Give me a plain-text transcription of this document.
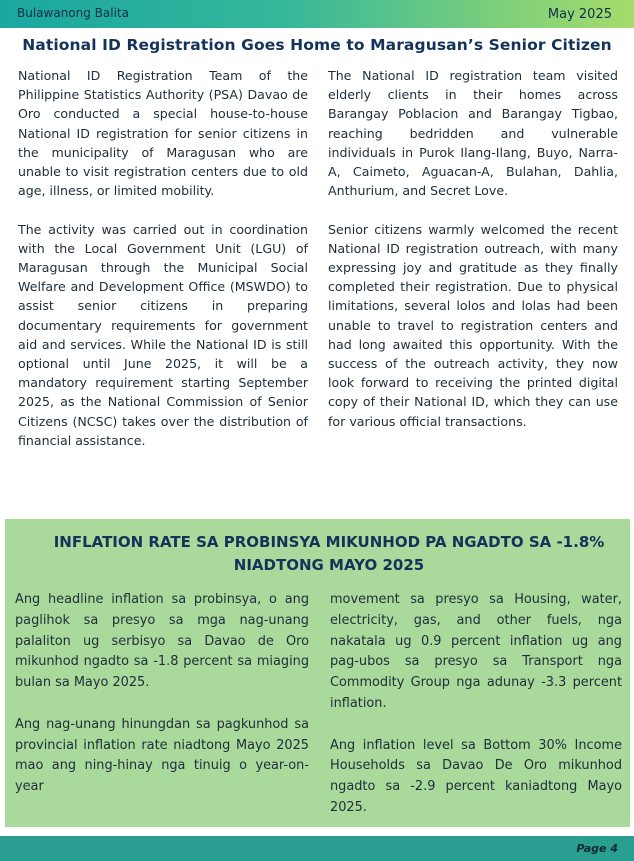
Bulawanong Balita	May 2025
National ID Registration Goes Home to Maragusan’s Senior Citizen

National ID Registration Team of the Philippine Statistics Authority (PSA) Davao de Oro conducted a special house-to-house National ID registration for senior citizens in the municipality of Maragusan who are unable to visit registration centers due to old age, illness, or limited mobility.

The activity was carried out in coordination with the Local Government Unit (LGU) of Maragusan through the Municipal Social Welfare and Development Office (MSWDO) to assist senior citizens in preparing documentary requirements for government aid and services. While the National ID is still optional until June 2025, it will be a mandatory requirement starting September 2025, as the National Commission of Senior Citizens (NCSC) takes over the distribution of financial assistance.

The National ID registration team visited elderly clients in their homes across Barangay Poblacion and Barangay Tigbao, reaching bedridden and vulnerable individuals in Purok Ilang-Ilang, Buyo, Narra-A, Caimeto, Aguacan-A, Bulahan, Dahlia, Anthurium, and Secret Love.

Senior citizens warmly welcomed the recent National ID registration outreach, with many expressing joy and gratitude as they finally completed their registration. Due to physical limitations, several lolos and lolas had been unable to travel to registration centers and had long awaited this opportunity. With the success of the outreach activity, they now look forward to receiving the printed digital copy of their National ID, which they can use for various official transactions.

INFLATION RATE SA PROBINSYA MIKUNHOD PA NGADTO SA -1.8% NIADTONG MAYO 2025

Ang headline inflation sa probinsya, o ang paglihok sa presyo sa mga nag-unang palaliton ug serbisyo sa Davao de Oro mikunhod ngadto sa -1.8 percent sa miaging bulan sa Mayo 2025.

Ang nag-unang hinungdan sa pagkunhod sa provincial inflation rate niadtong Mayo 2025 mao ang ning-hinay nga tinuig o year-on-year

movement sa presyo sa Housing, water, electricity, gas, and other fuels, nga nakatala ug 0.9 percent inflation ug ang pag-ubos sa presyo sa Transport nga Commodity Group nga adunay -3.3 percent inflation.

Ang inflation level sa Bottom 30% Income Households sa Davao De Oro mikunhod ngadto sa -2.9 percent kaniadtong Mayo 2025.

Page 4
